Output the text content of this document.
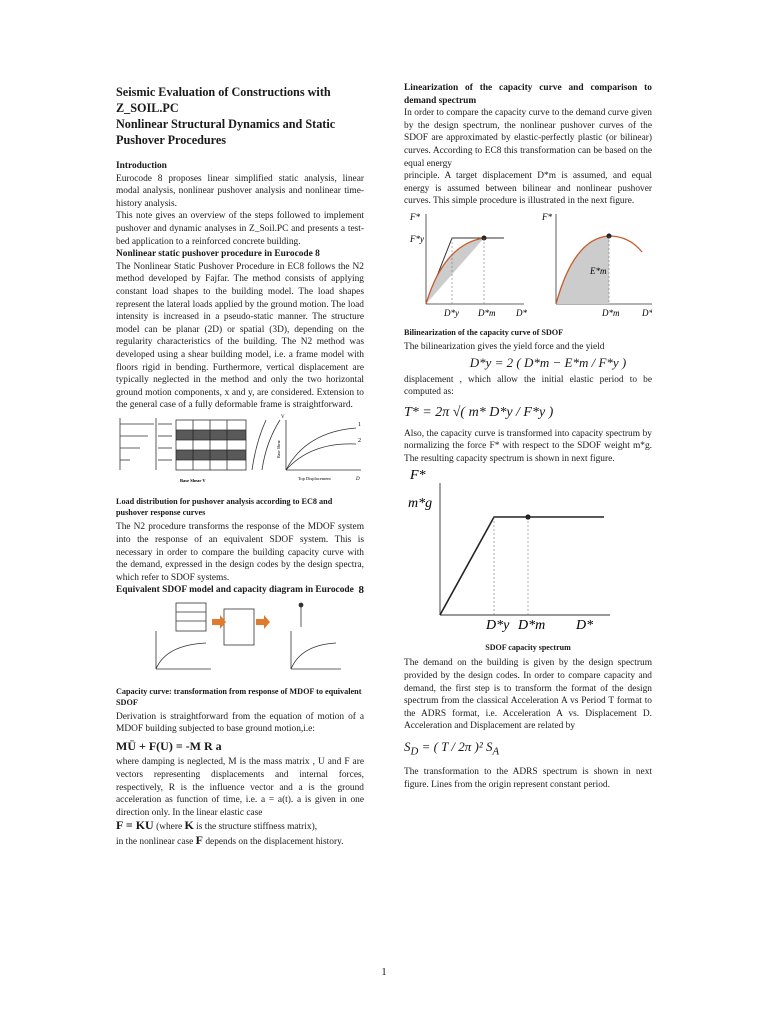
Seismic Evaluation of Constructions with Z_SOIL.PC
Nonlinear Structural Dynamics and Static Pushover Procedures

Introduction

Eurocode 8 proposes linear simplified static analysis, linear modal analysis, nonlinear pushover analysis and nonlinear time-history analysis.

This note gives an overview of the steps followed to implement pushover and dynamic analyses in Z_Soil.PC and presents a test-bed application to a reinforced concrete building.

Nonlinear static pushover procedure in Eurocode 8

The Nonlinear Static Pushover Procedure in EC8 follows the N2 method developed by Fajfar. The method consists of applying constant load shapes to the building model. The load shapes represent the lateral loads applied by the ground motion. The load intensity is increased in a pseudo-static manner. The structure model can be planar (2D) or spatial (3D), depending on the regularity characteristics of the building. The N2 method was developed using a shear building model, i.e. a frame model with floors rigid in bending. Furthermore, vertical displacement are typically neglected in the method and only the two horizontal ground motion components, x and y, are considered. Extension to the general case of a fully deformable frame is straightforward.

1
2
V
Base Shear
Top Displacement	D
Base Shear V

Load distribution for pushover analysis according to EC8 and pushover response curves

The N2 procedure transforms the response of the MDOF system into the response of an equivalent SDOF system. This is necessary in order to compare the building capacity curve with the demand, expressed in the design codes by the design spectra, which refer to SDOF systems.

Equivalent SDOF model and capacity diagram in Eurocode 8

Capacity curve: transformation from response of MDOF to equivalent SDOF

Derivation is straightforward from the equation of motion of a MDOF building subjected to base ground motion,i.e:

MÜ + F(U) = -M R a

where damping is neglected, M is the mass matrix , U and F are vectors representing displacements and internal forces, respectively, R is the influence vector and a is the ground acceleration as function of time, i.e. a = a(t). a is given in one direction only. In the linear elastic case

F = KU (where K is the structure stiffness matrix),

in the nonlinear case F depends on the displacement history.

Linearization of the capacity curve and comparison to demand spectrum

In order to compare the capacity curve to the demand curve given by the design spectrum, the nonlinear pushover curves of the SDOF are approximated by elastic-perfectly plastic (or bilinear) curves. According to EC8 this transformation can be based on the equal energy

principle. A target displacement D*m is assumed, and equal energy is assumed between bilinear and nonlinear pushover curves. This simple procedure is illustrated in the next figure.

F*
F*y
D*y D*m D*
F*
E*m
D*m	D*

Bilinearization of the capacity curve of SDOF

The bilinearization gives the yield force and the yield

D*y = 2 ( D*m − E*m / F*y )

displacement , which allow the initial elastic period to be computed as:

T* = 2π √( m* D*y / F*y )

Also, the capacity curve is transformed into capacity spectrum by normalizing the force F* with respect to the SDOF weight m*g. The resulting capacity spectrum is shown in next figure.

F*
m*g
D*y D*m D*

SDOF capacity spectrum

The demand on the building is given by the design spectrum provided by the design codes. In order to compare capacity and demand, the first step is to transform the format of the design spectrum from the classical Acceleration A vs Period T format to the ADRS format, i.e. Acceleration A vs. Displacement D. Acceleration and Displacement are related by

$S_D$ = ( T / 2π )² $S_A$

The transformation to the ADRS spectrum is shown in next figure. Lines from the origin represent constant period.

1
